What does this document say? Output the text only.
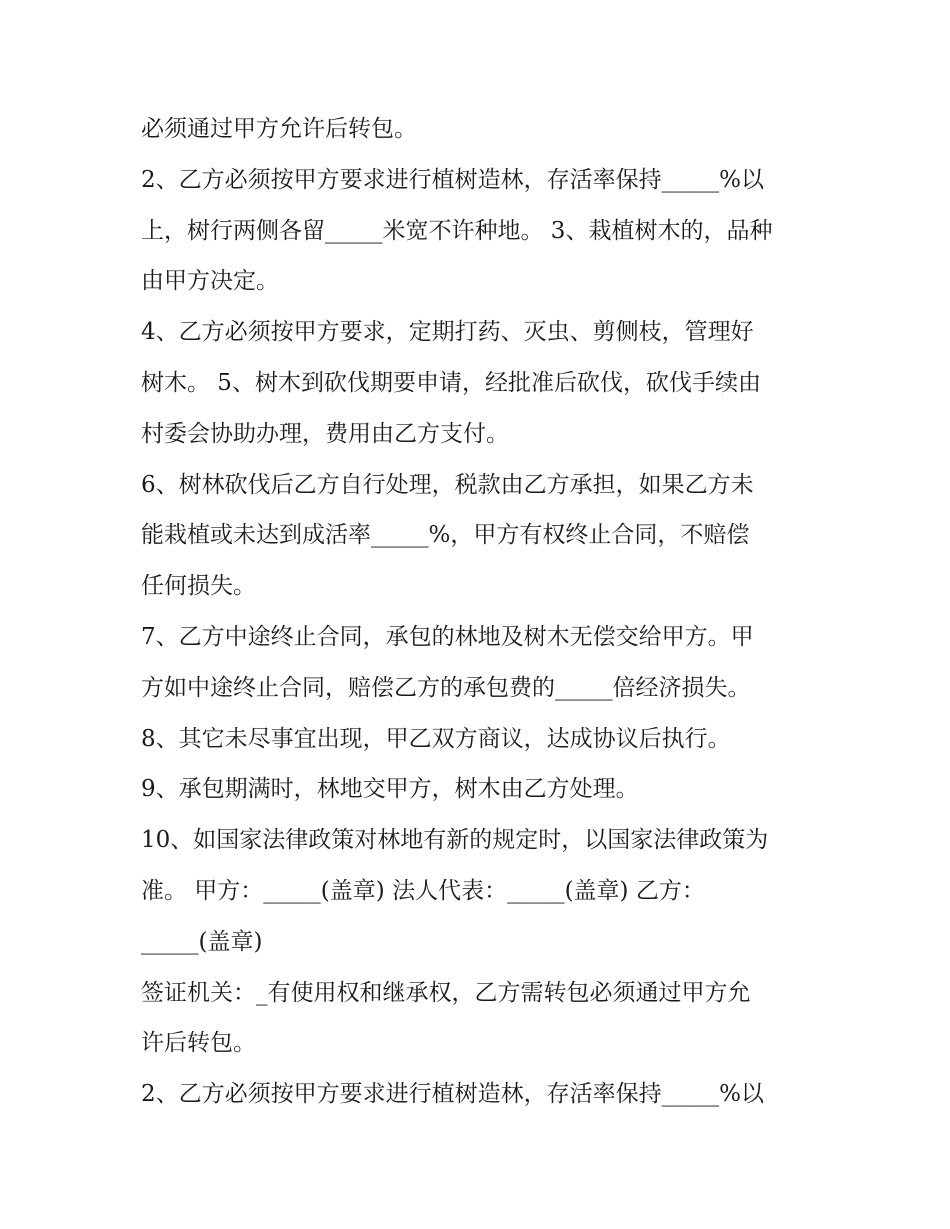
必须通过甲方允许后转包。
2、乙方必须按甲方要求进行植树造林，存活率保持_____%以
上，树行两侧各留_____米宽不许种地。 3、栽植树木的，品种
由甲方决定。
4、乙方必须按甲方要求，定期打药、灭虫、剪侧枝，管理好
树木。 5、树木到砍伐期要申请，经批准后砍伐，砍伐手续由
村委会协助办理，费用由乙方支付。
6、树林砍伐后乙方自行处理，税款由乙方承担，如果乙方未
能栽植或未达到成活率_____%，甲方有权终止合同，不赔偿
任何损失。
7、乙方中途终止合同，承包的林地及树木无偿交给甲方。甲
方如中途终止合同，赔偿乙方的承包费的_____倍经济损失。
8、其它未尽事宜出现，甲乙双方商议，达成协议后执行。
9、承包期满时，林地交甲方，树木由乙方处理。
10、如国家法律政策对林地有新的规定时，以国家法律政策为
准。 甲方：_____(盖章) 法人代表：_____(盖章) 乙方：
_____(盖章)
签证机关：_有使用权和继承权，乙方需转包必须通过甲方允
许后转包。
2、乙方必须按甲方要求进行植树造林，存活率保持_____%以
